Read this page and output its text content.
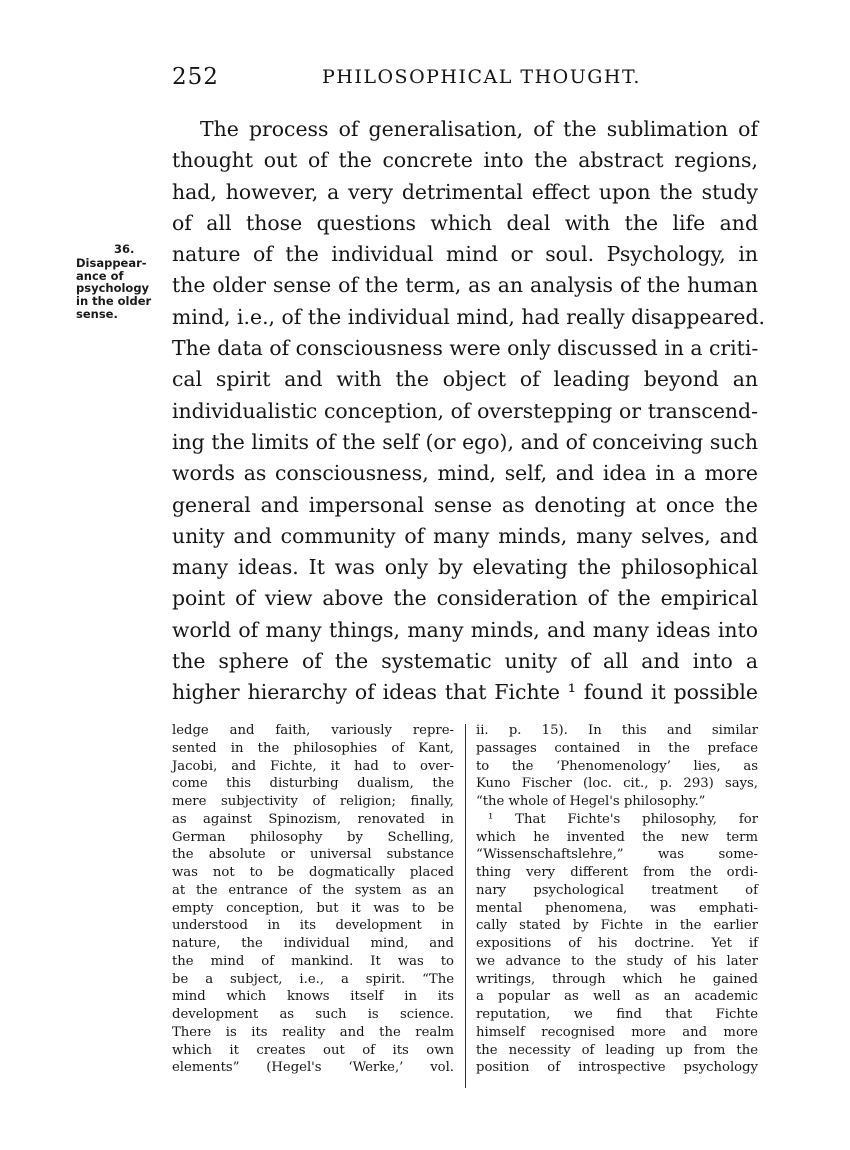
252	PHILOSOPHICAL THOUGHT.
36.
Disappear-
ance of
psychology
in the older
sense.
The process of generalisation, of the sublimation of
thought out of the concrete into the abstract regions,
had, however, a very detrimental effect upon the study
of all those questions which deal with the life and
nature of the individual mind or soul. Psychology, in
the older sense of the term, as an analysis of the human
mind, i.e., of the individual mind, had really disappeared.
The data of consciousness were only discussed in a criti-
cal spirit and with the object of leading beyond an
individualistic conception, of overstepping or transcend-
ing the limits of the self (or ego), and of conceiving such
words as consciousness, mind, self, and idea in a more
general and impersonal sense as denoting at once the
unity and community of many minds, many selves, and
many ideas. It was only by elevating the philosophical
point of view above the consideration of the empirical
world of many things, many minds, and many ideas into
the sphere of the systematic unity of all and into a
higher hierarchy of ideas that Fichte ¹ found it possible
ledge and faith, variously repre-
sented in the philosophies of Kant,
Jacobi, and Fichte, it had to over-
come this disturbing dualism, the
mere subjectivity of religion; finally,
as against Spinozism, renovated in
German philosophy by Schelling,
the absolute or universal substance
was not to be dogmatically placed
at the entrance of the system as an
empty conception, but it was to be
understood in its development in
nature, the individual mind, and
the mind of mankind. It was to
be a subject, i.e., a spirit. “The
mind which knows itself in its
development as such is science.
There is its reality and the realm
which it creates out of its own
elements” (Hegel's ‘Werke,’ vol.
ii. p. 15). In this and similar
passages contained in the preface
to the ‘Phenomenology’ lies, as
Kuno Fischer (loc. cit., p. 293) says,
“the whole of Hegel's philosophy.”
¹ That Fichte's philosophy, for
which he invented the new term
“Wissenschaftslehre,” was some-
thing very different from the ordi-
nary psychological treatment of
mental phenomena, was emphati-
cally stated by Fichte in the earlier
expositions of his doctrine. Yet if
we advance to the study of his later
writings, through which he gained
a popular as well as an academic
reputation, we find that Fichte
himself recognised more and more
the necessity of leading up from the
position of introspective psychology
